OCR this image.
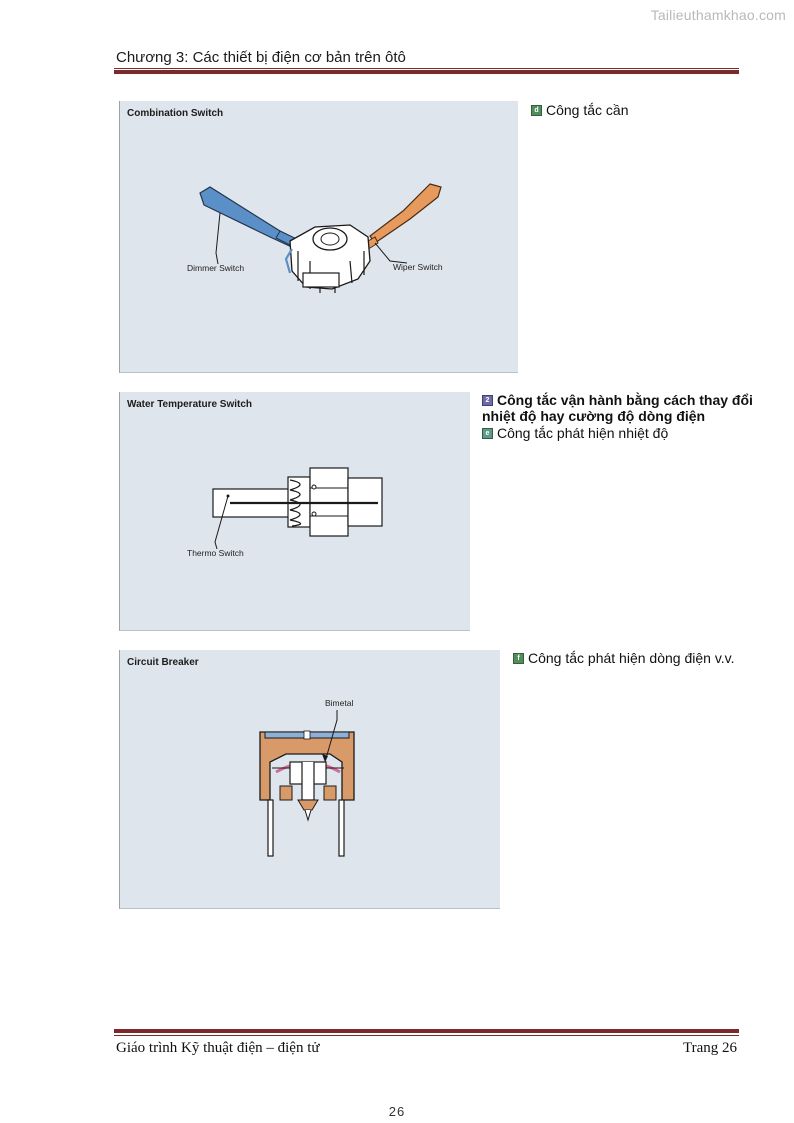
Tailieuthamkhao.com
Chương 3: Các thiết bị điện cơ bản trên ôtô
Combination Switch
Dimmer Switch	Wiper Switch
d Công tắc cần
Water Temperature Switch
Thermo Switch
2 Công tắc vận hành bằng cách thay đổi
nhiệt độ hay cường độ dòng điện
e Công tắc phát hiện nhiệt độ
Circuit Breaker
Bimetal
f Công tắc phát hiện dòng điện v.v.
Giáo trình Kỹ thuật điện – điện tử	Trang 26
26
